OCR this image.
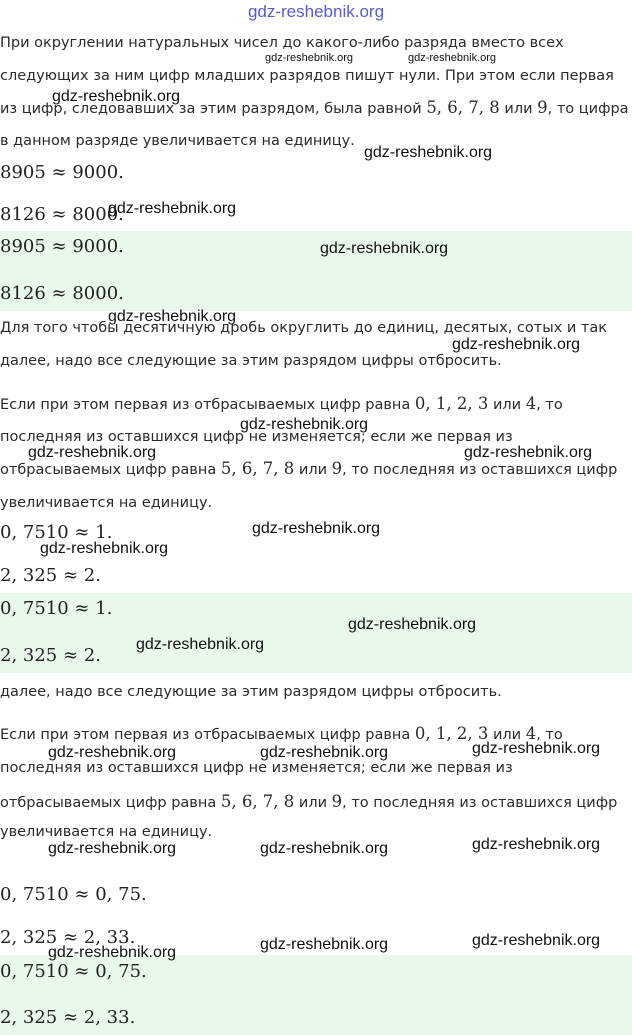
gdz-reshebnik.org
При округлении натуральных чисел до какого-либо разряда вместо всех
следующих за ним цифр младших разрядов пишут нули. При этом если первая
из цифр, следовавших за этим разрядом, была равной 5, 6, 7, 8 или 9, то цифра
в данном разряде увеличивается на единицу.
8905 ≈ 9000.
8126 ≈ 8000.
8905 ≈ 9000.
8126 ≈ 8000.
Для того чтобы десятичную дробь округлить до единиц, десятых, сотых и так
далее, надо все следующие за этим разрядом цифры отбросить.
Если при этом первая из отбрасываемых цифр равна 0, 1, 2, 3 или 4, то
последняя из оставшихся цифр не изменяется; если же первая из
отбрасываемых цифр равна 5, 6, 7, 8 или 9, то последняя из оставшихся цифр
увеличивается на единицу.
0, 7510 ≈ 1.
2, 325 ≈ 2.
0, 7510 ≈ 1.
2, 325 ≈ 2.
далее, надо все следующие за этим разрядом цифры отбросить.
Если при этом первая из отбрасываемых цифр равна 0, 1, 2, 3 или 4, то
последняя из оставшихся цифр не изменяется; если же первая из
отбрасываемых цифр равна 5, 6, 7, 8 или 9, то последняя из оставшихся цифр
увеличивается на единицу.
0, 7510 ≈ 0, 75.
2, 325 ≈ 2, 33.
0, 7510 ≈ 0, 75.
2, 325 ≈ 2, 33.
gdz-reshebnik.org	gdz-reshebnik.org
gdz-reshebnik.org
gdz-reshebnik.org
gdz-reshebnik.org
gdz-reshebnik.org
gdz-reshebnik.org
gdz-reshebnik.org
gdz-reshebnik.org
gdz-reshebnik.org	gdz-reshebnik.org
gdz-reshebnik.org
gdz-reshebnik.org
gdz-reshebnik.org
gdz-reshebnik.org
gdz-reshebnik.org	gdz-reshebnik.org	gdz-reshebnik.org
gdz-reshebnik.org	gdz-reshebnik.org	gdz-reshebnik.org
gdz-reshebnik.org	gdz-reshebnik.org
gdz-reshebnik.org
